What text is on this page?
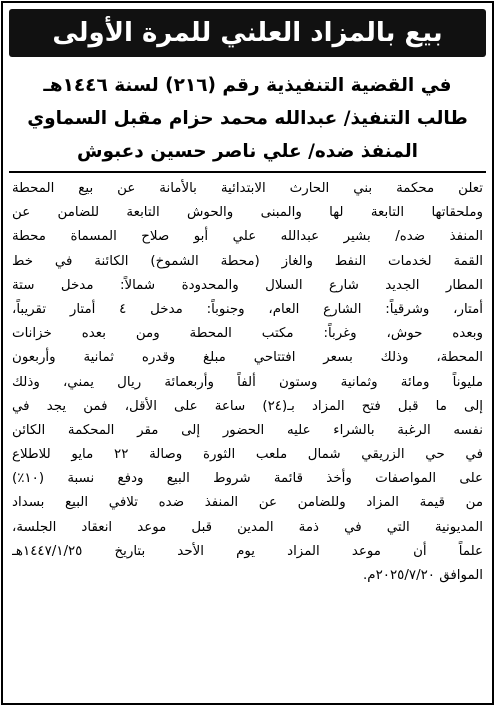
بيع بالمزاد العلني للمرة الأولى
في القضية التنفيذية رقم (٢١٦) لسنة ١٤٤٦هـ
طالب التنفيذ/ عبدالله محمد حزام مقبل السماوي
المنفذ ضده/ علي ناصر حسين دعبوش
تعلن محكمة بني الحارث الابتدائية بالأمانة عن بيع المحطة
وملحقاتها التابعة لها والمبنى والحوش التابعة للضامن عن
المنفذ ضده/ بشير عبدالله علي أبو صلاح المسماة محطة
القمة لخدمات النفط والغاز (محطة الشموخ) الكائنة في خط
المطار الجديد شارع السلال والمحدودة شمالاً: مدخل ستة
أمتار، وشرقياً: الشارع العام، وجنوباً: مدخل ٤ أمتار تقريباً،
وبعده حوش، وغرباً: مكتب المحطة ومن بعده خزانات
المحطة، وذلك بسعر افتتاحي مبلغ وقدره ثمانية وأربعون
مليوناً ومائة وثمانية وستون ألفاً وأربعمائة ريال يمني، وذلك
إلى ما قبل فتح المزاد بـ(٢٤) ساعة على الأقل، فمن يجد في
نفسه الرغبة بالشراء عليه الحضور إلى مقر المحكمة الكائن
في حي الزريقي شمال ملعب الثورة وصالة ٢٢ مايو للاطلاع
على المواصفات وأخذ قائمة شروط البيع ودفع نسبة (١٠٪)
من قيمة المزاد وللضامن عن المنفذ ضده تلافي البيع بسداد
المديونية التي في ذمة المدين قبل موعد انعقاد الجلسة،
علماً أن موعد المزاد يوم الأحد بتاريخ ١٤٤٧/١/٢٥هـ
الموافق ٢٠٢٥/٧/٢٠م.
